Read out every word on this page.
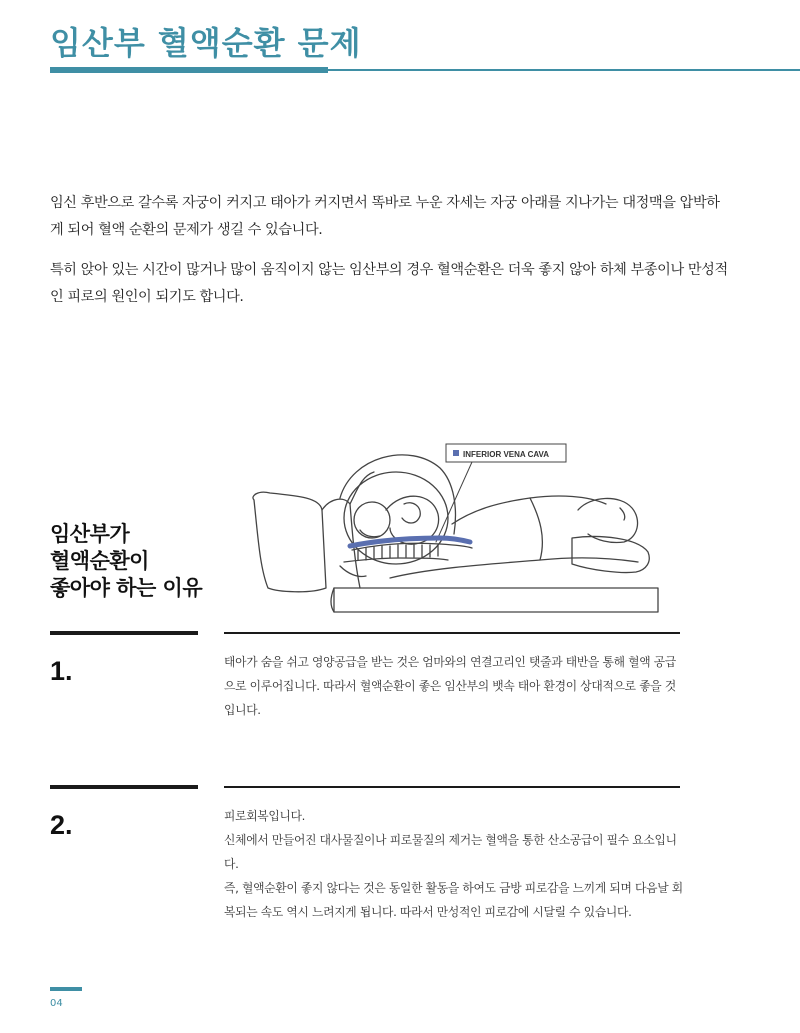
임산부 혈액순환 문제

임신 후반으로 갈수록 자궁이 커지고 태아가 커지면서 똑바로 누운 자세는 자궁 아래를 지나가는 대정맥을 압박하게 되어 혈액 순환의 문제가 생길 수 있습니다.

특히 앉아 있는 시간이 많거나 많이 움직이지 않는 임산부의 경우 혈액순환은 더욱 좋지 않아 하체 부종이나 만성적인 피로의 원인이 되기도 합니다.

INFERIOR VENA CAVA
임산부가
혈액순환이
좋아야 하는 이유
1.	태아가 숨을 쉬고 영양공급을 받는 것은 엄마와의 연결고리인 탯줄과 태반을 통해 혈액 공급으로 이루어집니다. 따라서 혈액순환이 좋은 임산부의 뱃속 태아 환경이 상대적으로 좋을 것입니다.

2.	피로회복입니다.

신체에서 만들어진 대사물질이나 피로물질의 제거는 혈액을 통한 산소공급이 필수 요소입니다.

즉, 혈액순환이 좋지 않다는 것은 동일한 활동을 하여도 금방 피로감을 느끼게 되며 다음날 회복되는 속도 역시 느려지게 됩니다. 따라서 만성적인 피로감에 시달릴 수 있습니다.

04
